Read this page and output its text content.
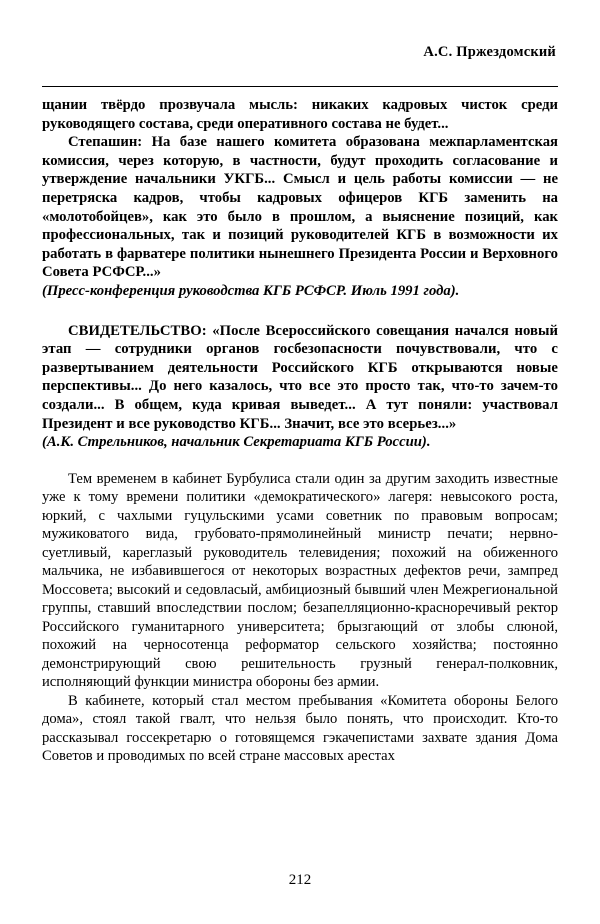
А.С. Пржездомский

щании твёрдо прозвучала мысль: никаких кадровых чисток среди руководящего состава, среди оперативного состава не будет...

Степашин: На базе нашего комитета образована межпарламентская комиссия, через которую, в частности, будут проходить согласование и утверждение начальники УКГБ... Смысл и цель работы комиссии — не перетряска кадров, чтобы кадровых офицеров КГБ заменить на «молотобойцев», как это было в прошлом, а выяснение позиций, как профессиональных, так и позиций руководителей КГБ в возможности их работать в фарватере политики нынешнего Президента России и Верховного Совета РСФСР...»

(Пресс-конференция руководства КГБ РСФСР. Июль 1991 года).

СВИДЕТЕЛЬСТВО: «После Всероссийского совещания начался новый этап — сотрудники органов госбезопасности почувствовали, что с развертыванием деятельности Российского КГБ открываются новые перспективы... До него казалось, что все это просто так, что-то зачем-то создали... В общем, куда кривая выведет... А тут поняли: участвовал Президент и все руководство КГБ... Значит, все это всерьез...»

(А.К. Стрельников, начальник Секретариата КГБ России).

Тем временем в кабинет Бурбулиса стали один за другим заходить известные уже к тому времени политики «демократического» лагеря: невысокого роста, юркий, с чахлыми гуцульскими усами советник по правовым вопросам; мужиковатого вида, грубовато-прямолинейный министр печати; нервно-суетливый, кареглазый руководитель телевидения; похожий на обиженного мальчика, не избавившегося от некоторых возрастных дефектов речи, зампред Моссовета; высокий и седовласый, амбициозный бывший член Межрегиональной группы, ставший впоследствии послом; безапелляционно-красноречивый ректор Российского гуманитарного университета; брызгающий от злобы слюной, похожий на черносотенца реформатор сельского хозяйства; постоянно демонстрирующий свою решительность грузный генерал-полковник, исполняющий функции министра обороны без армии.

В кабинете, который стал местом пребывания «Комитета обороны Белого дома», стоял такой гвалт, что нельзя было понять, что происходит. Кто-то рассказывал госсекретарю о готовящемся гэкачепистами захвате здания Дома Советов и проводимых по всей стране массовых арестах

212
